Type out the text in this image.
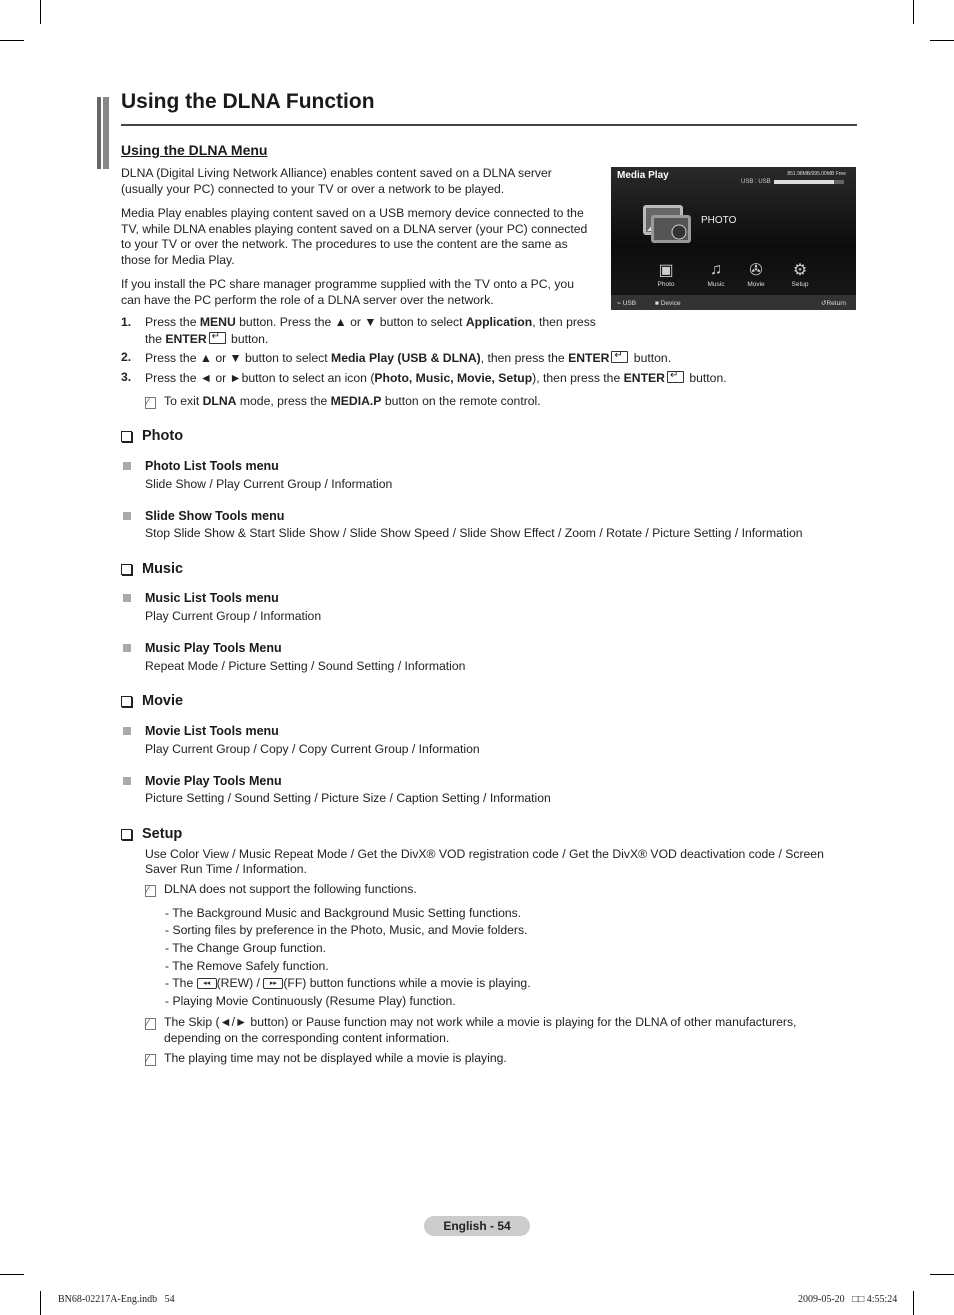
Using the DLNA Function
Using the DLNA Menu
DLNA (Digital Living Network Alliance) enables content saved on a DLNA server (usually your PC) connected to your TV or over a network to be played.
Media Play enables playing content saved on a USB memory device connected to the TV, while DLNA enables playing content saved on a DLNA server (your PC) connected to your TV or over the network. The procedures to use the content are the same as those for Media Play.
If you install the PC share manager programme supplied with the TV onto a PC, you can have the PC perform the role of a DLNA server over the network.
Media Play	851.98MB/995.00MB Free
USB : USB
PHOTO
▣
Photo
♫
Music
✇
Movie
⚙
Setup
⌁ USB	■ Device	↺Return
1. Press the MENU button. Press the ▲ or ▼ button to select Application, then press
the ENTER↵ button.
2. Press the ▲ or ▼ button to select Media Play (USB & DLNA), then press the ENTER↵ button.
3. Press the ◄ or ►button to select an icon (Photo, Music, Movie, Setup), then press the ENTER↵ button.
∕
To exit DLNA mode, press the MEDIA.P button on the remote control.
Photo
Photo List Tools menu
Slide Show / Play Current Group / Information
Slide Show Tools menu
Stop Slide Show & Start Slide Show / Slide Show Speed / Slide Show Effect / Zoom / Rotate / Picture Setting / Information
Music
Music List Tools menu
Play Current Group / Information
Music Play Tools Menu
Repeat Mode / Picture Setting / Sound Setting / Information
Movie
Movie List Tools menu
Play Current Group / Copy / Copy Current Group / Information
Movie Play Tools Menu
Picture Setting / Sound Setting / Picture Size / Caption Setting / Information
Setup
Use Color View / Music Repeat Mode / Get the DivX® VOD registration code / Get the DivX® VOD deactivation code / Screen
Saver Run Time / Information.
∕
DLNA does not support the following functions.
- The Background Music and Background Music Setting functions.
- Sorting files by preference in the Photo, Music, and Movie folders.
- The Change Group function.
- The Remove Safely function.
- The ◂◂ (REW) / ▸▸ (FF) button functions while a movie is playing.
- Playing Movie Continuously (Resume Play) function.
∕
The Skip (◄/► button) or Pause function may not work while a movie is playing for the DLNA of other manufacturers,
depending on the corresponding content information.
∕
The playing time may not be displayed while a movie is playing.
English - 54
BN68-02217A-Eng.indb   54	2009-05-20   □□ 4:55:24
